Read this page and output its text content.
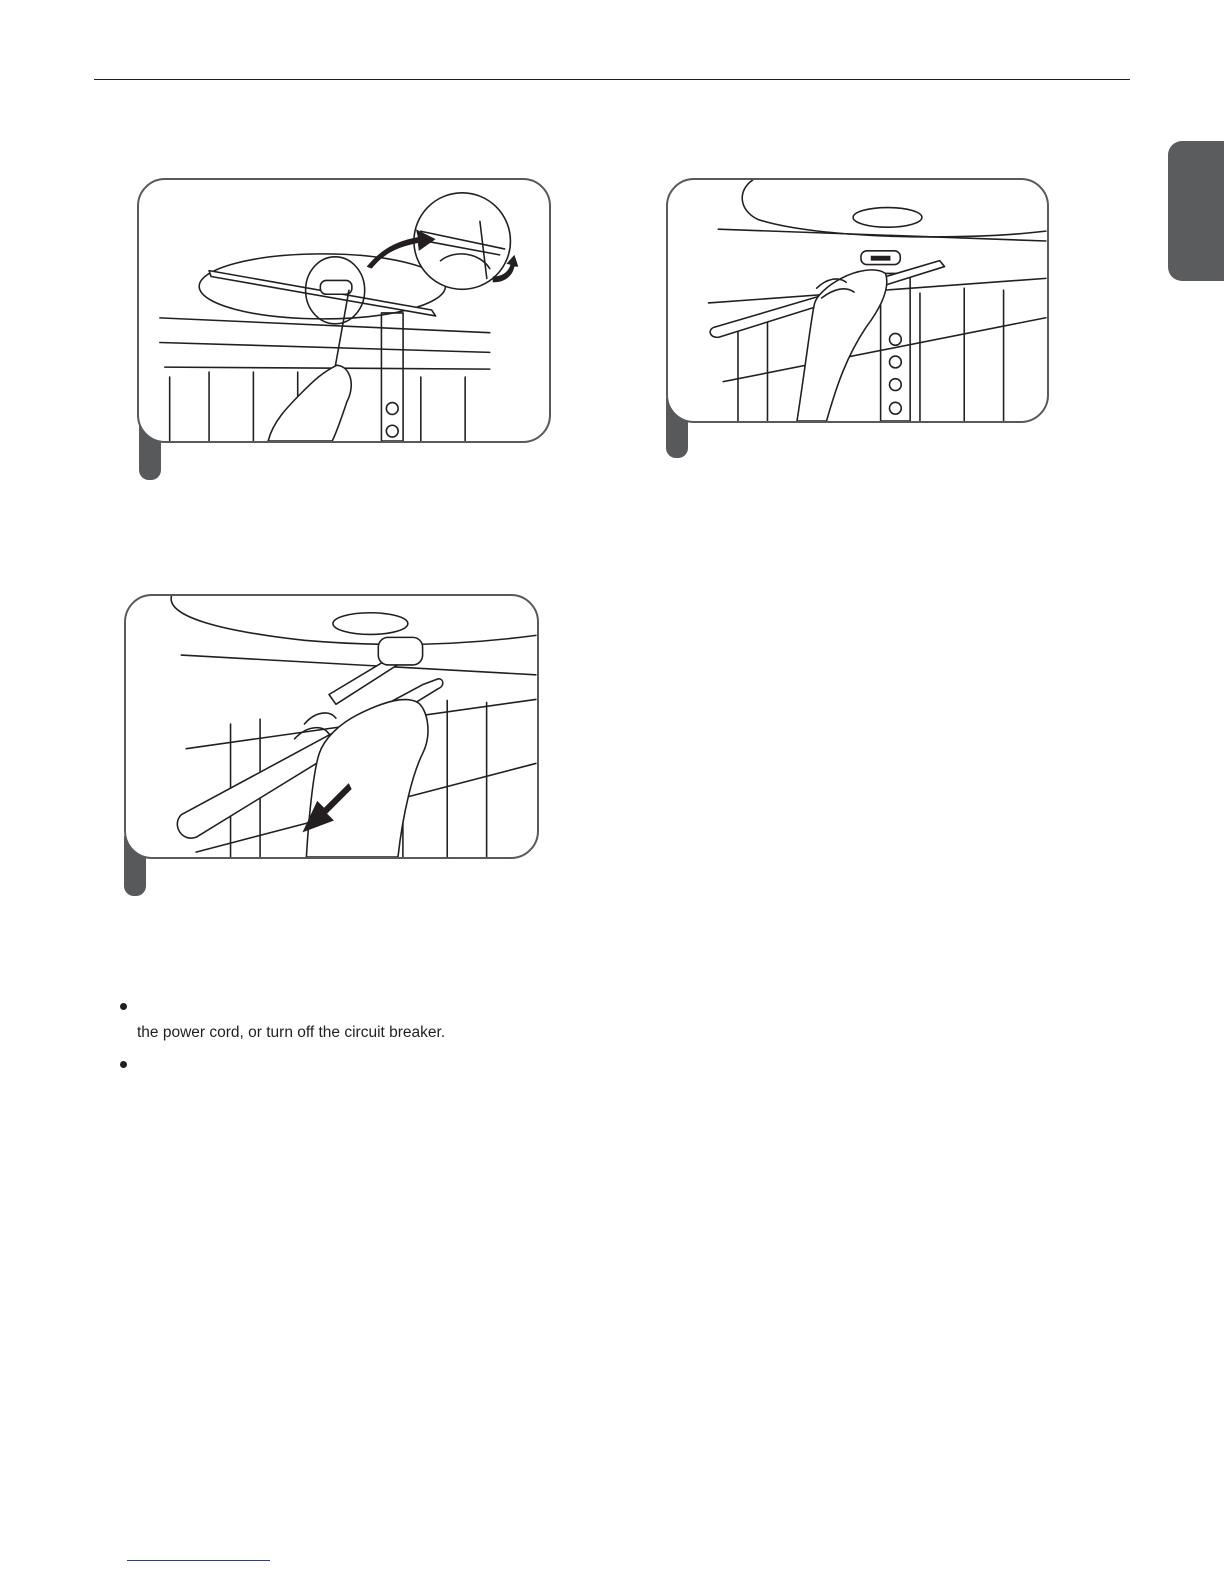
the power cord, or turn off the circuit breaker.
